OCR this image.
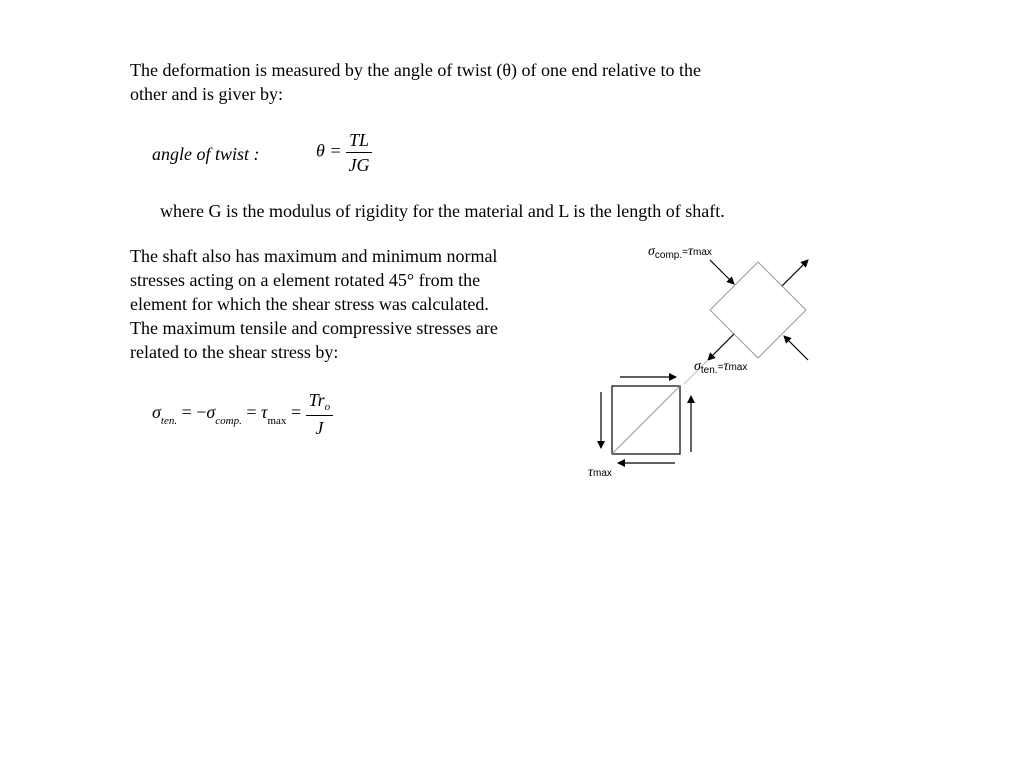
The deformation is measured by the angle of twist (θ) of one end relative to the

other and is giver by:

angle of twist :	$\theta = \frac{TL}{JG}$
where G is the modulus of rigidity for the material and L is the length of shaft.

The shaft also has maximum and minimum normal

stresses acting on a element rotated 45° from the

element for which the shear stress was calculated.

The maximum tensile and compressive stresses are

related to the shear stress by:

$\sigma_{ten.} = -\sigma_{comp.} = \tau_{max} = \frac{Tr_o}{J}$
σcomp.=τmax
σten.=τmax
τmax
